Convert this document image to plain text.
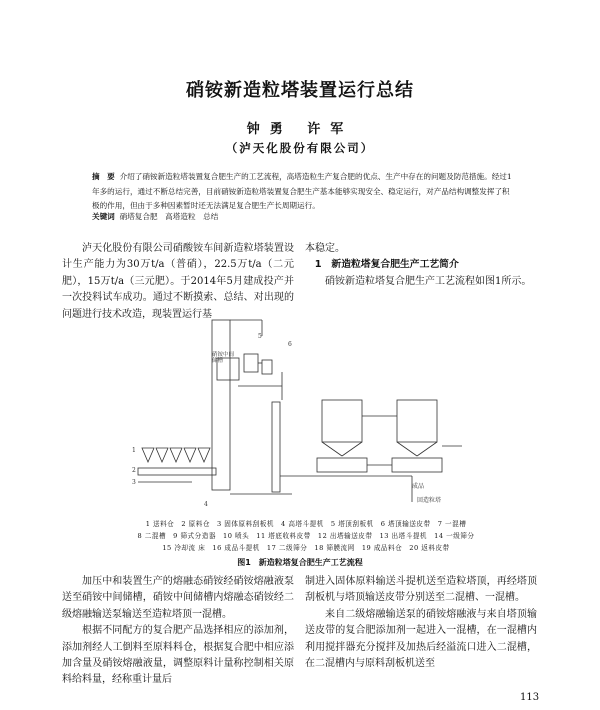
硝铵新造粒塔装置运行总结
钟勇 许军
（泸天化股份有限公司）
摘　要 介绍了硝铵新造粒塔装置复合肥生产的工艺流程，高塔造粒生产复合肥的优点、生产中存在的问题及防范措施。经过1年多的运行，通过不断总结完善，目前硝铵新造粒塔装置复合肥生产基本能够实现安全、稳定运行，对产品结构调整发挥了积极的作用，但由于多种因素暂时还无法满足复合肥生产长周期运行。
关键词 硝塔复合肥　高塔造粒　总结

泸天化股份有限公司硝酸铵车间新造粒塔装置设计生产能力为30万t/a（普硝），22.5万t/a（二元肥），15万t/a（三元肥）。于2014年5月建成投产并一次投料试车成功。通过不断摸索、总结、对出现的问题进行技术改造，现装置运行基

本稳定。

1　新造粒塔复合肥生产工艺简介

硝铵新造粒塔复合肥生产工艺流程如图1所示。

硝铵中间
储槽
成品
回造粒塔
5
6
1
2
3
4
1 送料仓　2 原料仓　3 固体原料刮板机　4 高塔斗提机　5 塔顶刮板机　6 塔顶输送皮带　7 一混槽
8 二混槽　9 筛式分造器　10 喷头　11 塔底收料皮带　12 出塔输送皮带　13 出塔斗提机　14 一级筛分
15 冷却流 床　16 成品斗提机　17 二级筛分　18 筛膜流网　19 成品料仓　20 返料皮带
图1　新造粒塔复合肥生产工艺流程

加压中和装置生产的熔融态硝铵经硝铵熔融液泵送至硝铵中间储槽，硝铵中间储槽内熔融态硝铵经二级熔融输送泵输送至造粒塔顶一混槽。

根据不同配方的复合肥产品选择相应的添加剂，添加剂经人工倒料至原料料仓，根据复合肥中相应添加含量及硝铵熔融液量，调整原料计量称控制相关原料给料量，经称重计量后

制进入固体原料输送斗提机送至造粒塔顶，再经塔顶刮板机与塔顶输送皮带分别送至二混槽、一混槽。

来自二级熔融输送泵的硝铵熔融液与来自塔顶输送皮带的复合肥添加剂一起进入一混槽，在一混槽内利用搅拌器充分搅拌及加热后经溢流口进入二混槽，在二混槽内与原料刮板机送至

113
